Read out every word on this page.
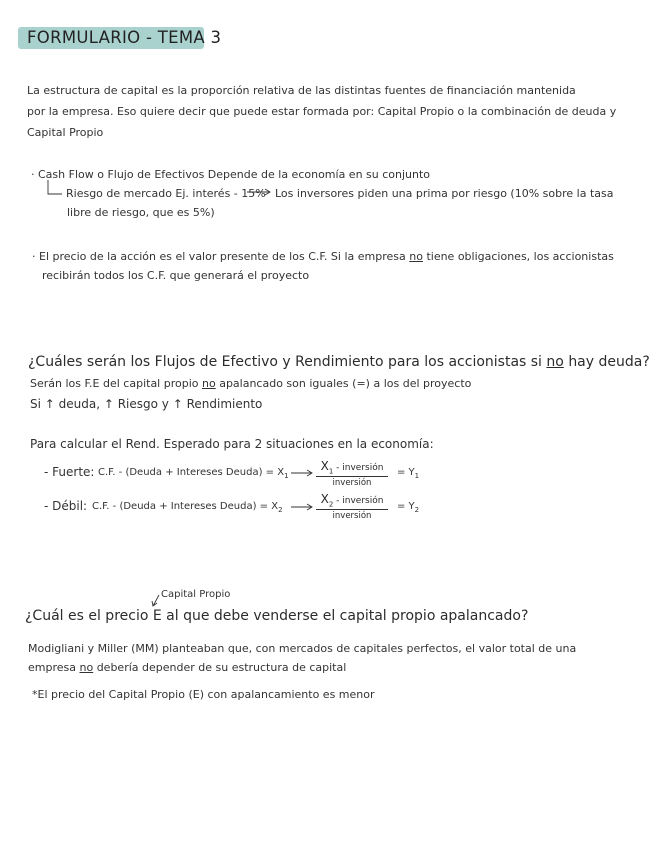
FORMULARIO - TEMA 3
La estructura de capital es la proporción relativa de las distintas fuentes de financiación mantenida
por la empresa. Eso quiere decir que puede estar formada por: Capital Propio o la combinación de deuda y
Capital Propio
· Cash Flow o Flujo de Efectivos Depende de la economía en su conjunto
Riesgo de mercado Ej. interés - 15% Los inversores piden una prima por riesgo (10% sobre la tasa
libre de riesgo, que es 5%)
· El precio de la acción es el valor presente de los C.F. Si la empresa no tiene obligaciones, los accionistas
recibirán todos los C.F. que generará el proyecto
¿Cuáles serán los Flujos de Efectivo y Rendimiento para los accionistas si no hay deuda?
Serán los F.E del capital propio no apalancado son iguales (=) a los del proyecto
Si ↑ deuda, ↑ Riesgo y ↑ Rendimiento
Para calcular el Rend. Esperado para 2 situaciones en la economía:
- Fuerte: C.F. - (Deuda + Intereses Deuda) = $X_1$
$X_1$ - inversión
inversión
= $Y_1$
- Débil: C.F. - (Deuda + Intereses Deuda) = $X_2$
$X_2$ - inversión
inversión
= $Y_2$
Capital Propio
¿Cuál es el precio E al que debe venderse el capital propio apalancado?
Modigliani y Miller (MM) planteaban que, con mercados de capitales perfectos, el valor total de una
empresa no debería depender de su estructura de capital
*El precio del Capital Propio (E) con apalancamiento es menor
